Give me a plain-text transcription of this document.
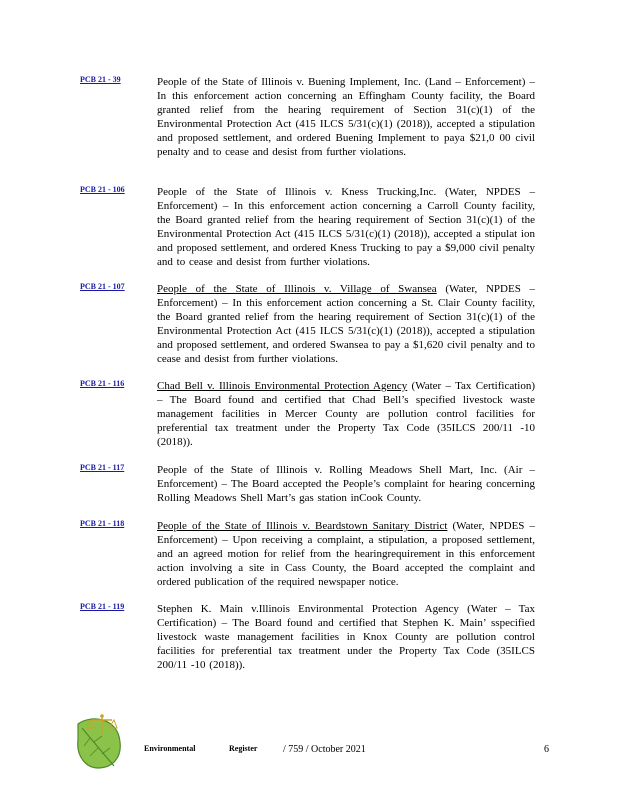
PCB 21 - 39	People of the State of Illinois v. Buening Implement, Inc. (Land – Enforcement) – In this enforcement action concerning an Effingham County facility, the Board granted relief from the hearing requirement of Section 31(c)(1) of the Environmental Protection Act (415 ILCS 5/31(c)(1) (2018)), accepted a stipulation and proposed settlement, and ordered Buening Implement to paya $21,0 00 civil penalty and to cease and desist from further violations.
PCB 21 - 106	People of the State of Illinois v. Kness Trucking,Inc. (Water, NPDES – Enforcement) – In this enforcement action concerning a Carroll County facility, the Board granted relief from the hearing requirement of Section 31(c)(1) of the Environmental Protection Act (415 ILCS 5/31(c)(1) (2018)), accepted a stipulat ion and proposed settlement, and ordered Kness Trucking to pay a $9,000 civil penalty and to cease and desist from further violations.
PCB 21 - 107	People of the State of Illinois v. Village of Swansea (Water, NPDES – Enforcement) – In this enforcement action concerning a St. Clair County facility, the Board granted relief from the hearing requirement of Section 31(c)(1) of the Environmental Protection Act (415 ILCS 5/31(c)(1) (2018)), accepted a stipulation and proposed settlement, and ordered Swansea to pay a $1,620 civil penalty and to cease and desist from further violations.
PCB 21 - 116	Chad Bell v. Illinois Environmental Protection Agency (Water – Tax Certification) – The Board found and certified that Chad Bell’s specified livestock waste management facilities in Mercer County are pollution control facilities for preferential tax treatment under the Property Tax Code (35ILCS 200/11 -10 (2018)).
PCB 21 - 117	People of the State of Illinois v. Rolling Meadows Shell Mart, Inc. (Air – Enforcement) – The Board accepted the People’s complaint for hearing concerning Rolling Meadows Shell Mart’s gas station inCook County.
PCB 21 - 118	People of the State of Illinois v. Beardstown Sanitary District (Water, NPDES – Enforcement) – Upon receiving a complaint, a stipulation, a proposed settlement, and an agreed motion for relief from the hearingrequirement in this enforcement action involving a site in Cass County, the Board accepted the complaint and ordered publication of the required newspaper notice.
PCB 21 - 119	Stephen K. Main v.Illinois Environmental Protection Agency (Water – Tax Certification) – The Board found and certified that Stephen K. Main’ sspecified livestock waste management facilities in Knox County are pollution control facilities for preferential tax treatment under the Property Tax Code (35ILCS 200/11 -10 (2018)).
Environmental	Register	/ 759 / October 2021	6
